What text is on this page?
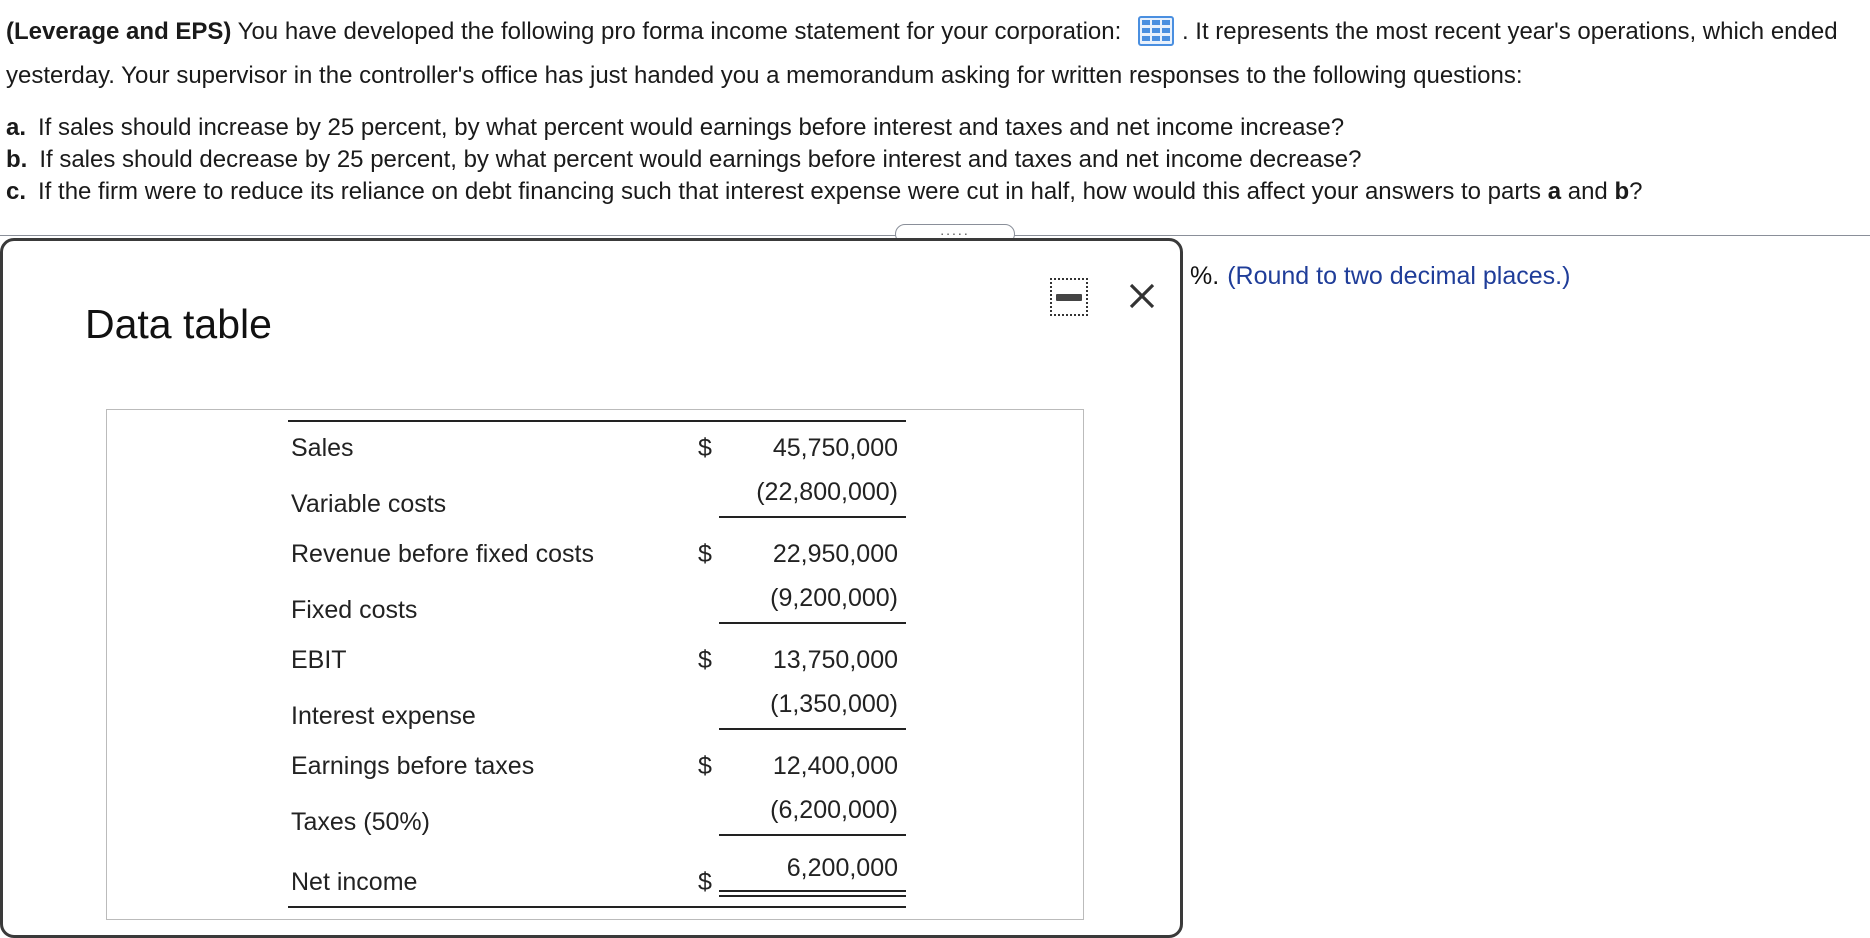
(Leverage and EPS) You have developed the following pro forma income statement for your corporation:	. It represents the most recent year's operations, which ended yesterday. Your supervisor in the controller's office has just handed you a memorandum asking for written responses to the following questions:
a. If sales should increase by 25 percent, by what percent would earnings before interest and taxes and net income increase?
b. If sales should decrease by 25 percent, by what percent would earnings before interest and taxes and net income decrease?
c. If the firm were to reduce its reliance on debt financing such that interest expense were cut in half, how would this affect your answers to parts a and b?
.....
%. (Round to two decimal places.)
Data table
Sales	$ 45,750,000
Variable costs	(22,800,000)
Revenue before fixed costs	$ 22,950,000
Fixed costs	(9,200,000)
EBIT	$ 13,750,000
Interest expense	(1,350,000)
Earnings before taxes	$ 12,400,000
Taxes (50%)	(6,200,000)
Net income	$	6,200,000
